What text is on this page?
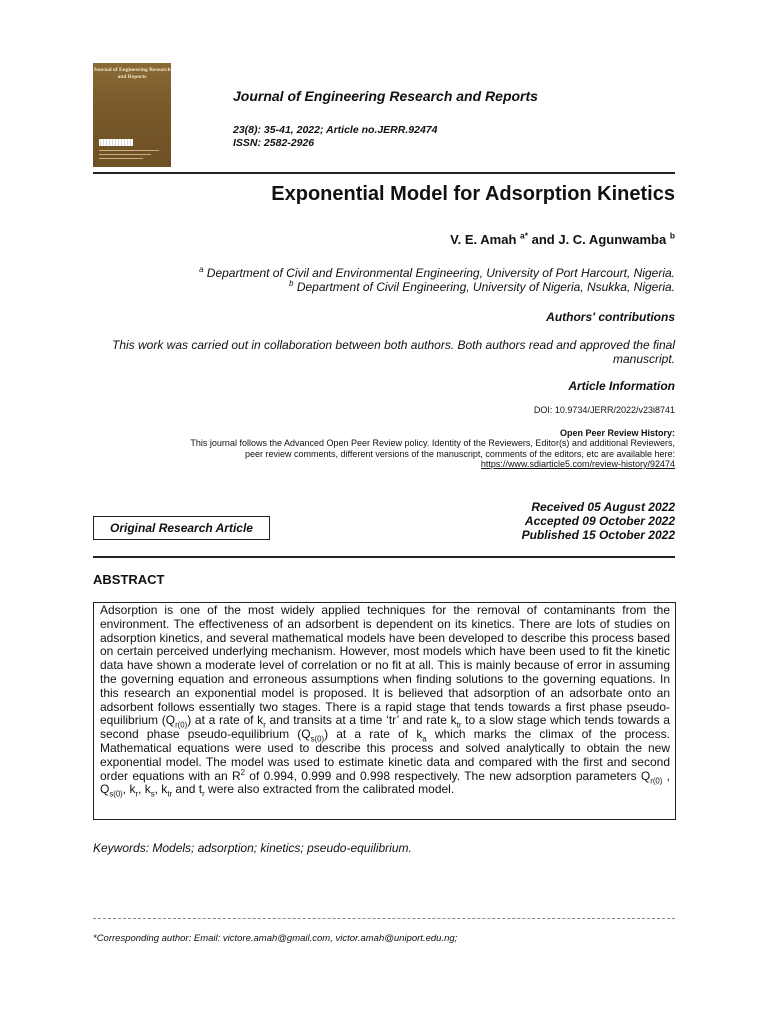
Journal of Engineering Research and Reports
Journal of Engineering Research and Reports
23(8): 35-41, 2022; Article no.JERR.92474
ISSN: 2582-2926
Exponential Model for Adsorption Kinetics
V. E. Amah $^{a*}$ and J. C. Agunwamba $^b$
$^a$ Department of Civil and Environmental Engineering, University of Port Harcourt, Nigeria.
$^b$ Department of Civil Engineering, University of Nigeria, Nsukka, Nigeria.
Authors' contributions
This work was carried out in collaboration between both authors. Both authors read and approved the final manuscript.
Article Information
DOI: 10.9734/JERR/2022/v23i8741
Open Peer Review History:
This journal follows the Advanced Open Peer Review policy. Identity of the Reviewers, Editor(s) and additional Reviewers,
peer review comments, different versions of the manuscript, comments of the editors, etc are available here:
https://www.sdiarticle5.com/review-history/92474
Original Research Article
Received 05 August 2022
Accepted 09 October 2022
Published 15 October 2022
ABSTRACT
Adsorption is one of the most widely applied techniques for the removal of contaminants from the environment. The effectiveness of an adsorbent is dependent on its kinetics. There are lots of studies on adsorption kinetics, and several mathematical models have been developed to describe this process based on certain perceived underlying mechanism. However, most models which have been used to fit the kinetic data have shown a moderate level of correlation or no fit at all. This is mainly because of error in assuming the governing equation and erroneous assumptions when finding solutions to the governing equations. In this research an exponential model is proposed. It is believed that adsorption of an adsorbate onto an adsorbent follows essentially two stages. There is a rapid stage that tends towards a first phase pseudo-equilibrium $(Q_{r(0)})$ at a rate of $k_r$ and transits at a time ‘tr’ and rate $k_{tr}$ to a slow stage which tends towards a second phase pseudo-equilibrium $(Q_{s(0)})$ at a rate of $k_a$ which marks the climax of the process. Mathematical equations were used to describe this process and solved analytically to obtain the new exponential model. The model was used to estimate kinetic data and compared with the first and second order equations with an $R^2$ of 0.994, 0.999 and 0.998 respectively. The new adsorption parameters $Q_{r(0)}$ , $Q_{s(0)}$, $k_r$, $k_s$, $k_{tr}$ and $t_r$ were also extracted from the calibrated model.
Keywords: Models; adsorption; kinetics; pseudo-equilibrium.
*Corresponding author: Email: victore.amah@gmail.com, victor.amah@uniport.edu.ng;
